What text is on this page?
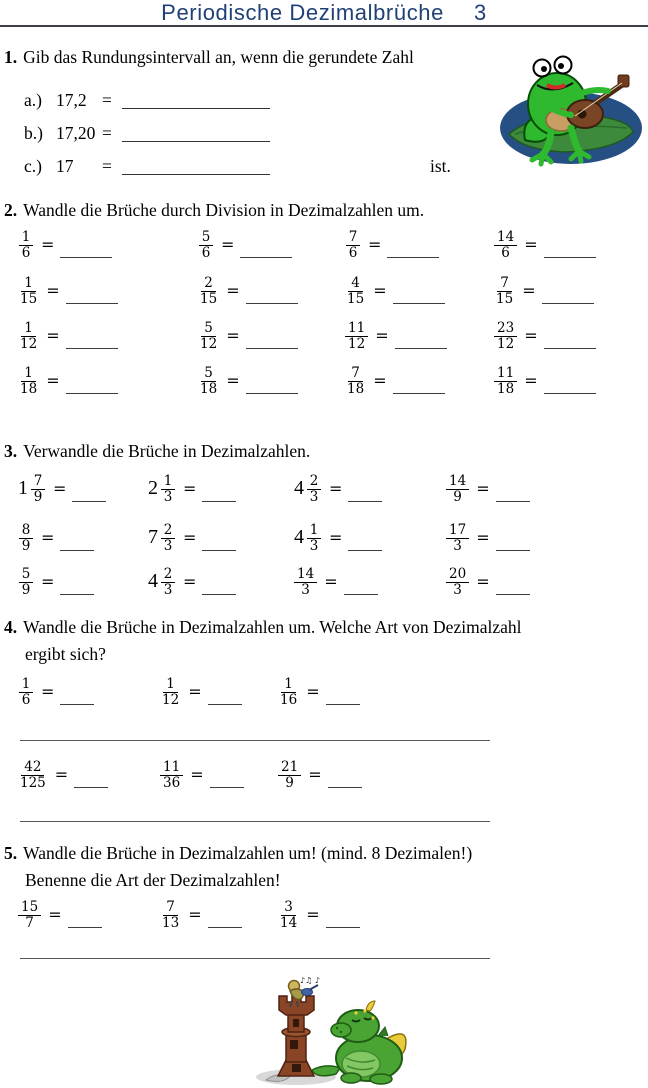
Periodische Dezimalbrüche 3
1. Gib das Rundungsintervall an, wenn die gerundete Zahl
a.) 17,2 =
b.) 17,20 =
c.) 17	=	ist.
2. Wandle die Brüche durch Division in Dezimalzahlen um.
$\frac{1}{6}$ =	$\frac{5}{6}$ =	$\frac{7}{6}$ =	$\frac{14}{6}$ =
$\frac{1}{15}$ =	$\frac{2}{15}$ =	$\frac{4}{15}$ =	$\frac{7}{15}$ =
$\frac{1}{12}$ =	$\frac{5}{12}$ =	$\frac{11}{12}$ =	$\frac{23}{12}$ =
$\frac{1}{18}$ =	$\frac{5}{18}$ =	$\frac{7}{18}$ =	$\frac{11}{18}$ =
3. Verwandle die Brüche in Dezimalzahlen.
$1 \frac{7}{9}$ =	$2 \frac{1}{3}$ =	$4 \frac{2}{3}$ =	$\frac{14}{9}$ =
$\frac{8}{9}$ =	$7 \frac{2}{3}$ =	$4 \frac{1}{3}$ =	$\frac{17}{3}$ =
$\frac{5}{9}$ =	$4 \frac{2}{3}$ =	$\frac{14}{3}$ =	$\frac{20}{3}$ =
4. Wandle die Brüche in Dezimalzahlen um. Welche Art von Dezimalzahl
ergibt sich?
$\frac{1}{6}$ =	$\frac{1}{12}$ =	$\frac{1}{16}$ =
$\frac{42}{125}$ =	$\frac{11}{36}$ =	$\frac{21}{9}$ =
5. Wandle die Brüche in Dezimalzahlen um! (mind. 8 Dezimalen!)
Benenne die Art der Dezimalzahlen!
$\frac{15}{7}$ =	$\frac{7}{13}$ =	$\frac{3}{14}$ =
♪♫ ♪
